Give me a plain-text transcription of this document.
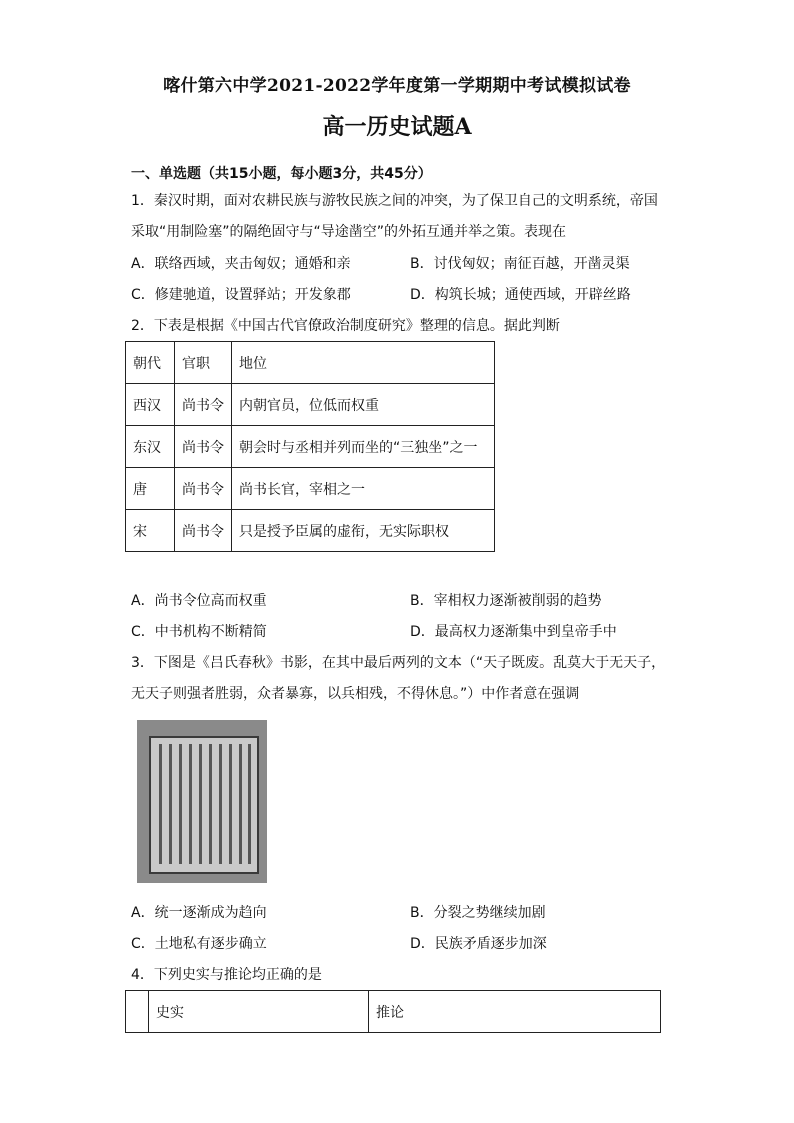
喀什第六中学2021-2022学年度第一学期期中考试模拟试卷
高一历史试题A
一、单选题（共15小题，每小题3分，共45分）
1．秦汉时期，面对农耕民族与游牧民族之间的冲突，为了保卫自己的文明系统，帝国
采取“用制险塞”的隔绝固守与“导途凿空”的外拓互通并举之策。表现在
A．联络西域，夹击匈奴；通婚和亲	B．讨伐匈奴；南征百越，开凿灵渠
C．修建驰道，设置驿站；开发象郡	D．构筑长城；通使西域，开辟丝路
2．下表是根据《中国古代官僚政治制度研究》整理的信息。据此判断
朝代	官职	地位
西汉	尚书令	内朝官员，位低而权重
东汉	尚书令	朝会时与丞相并列而坐的“三独坐”之一
唐	尚书令	尚书长官，宰相之一
宋	尚书令	只是授予臣属的虚衔，无实际职权
A．尚书令位高而权重	B．宰相权力逐渐被削弱的趋势
C．中书机构不断精简	D．最高权力逐渐集中到皇帝手中
3．下图是《吕氏春秋》书影，在其中最后两列的文本（“天子既废。乱莫大于无天子，
无天子则强者胜弱，众者暴寡，以兵相残，不得休息。”）中作者意在强调
A．统一逐渐成为趋向	B．分裂之势继续加剧
C．土地私有逐步确立	D．民族矛盾逐步加深
4．下列史实与推论均正确的是
	史实	推论
